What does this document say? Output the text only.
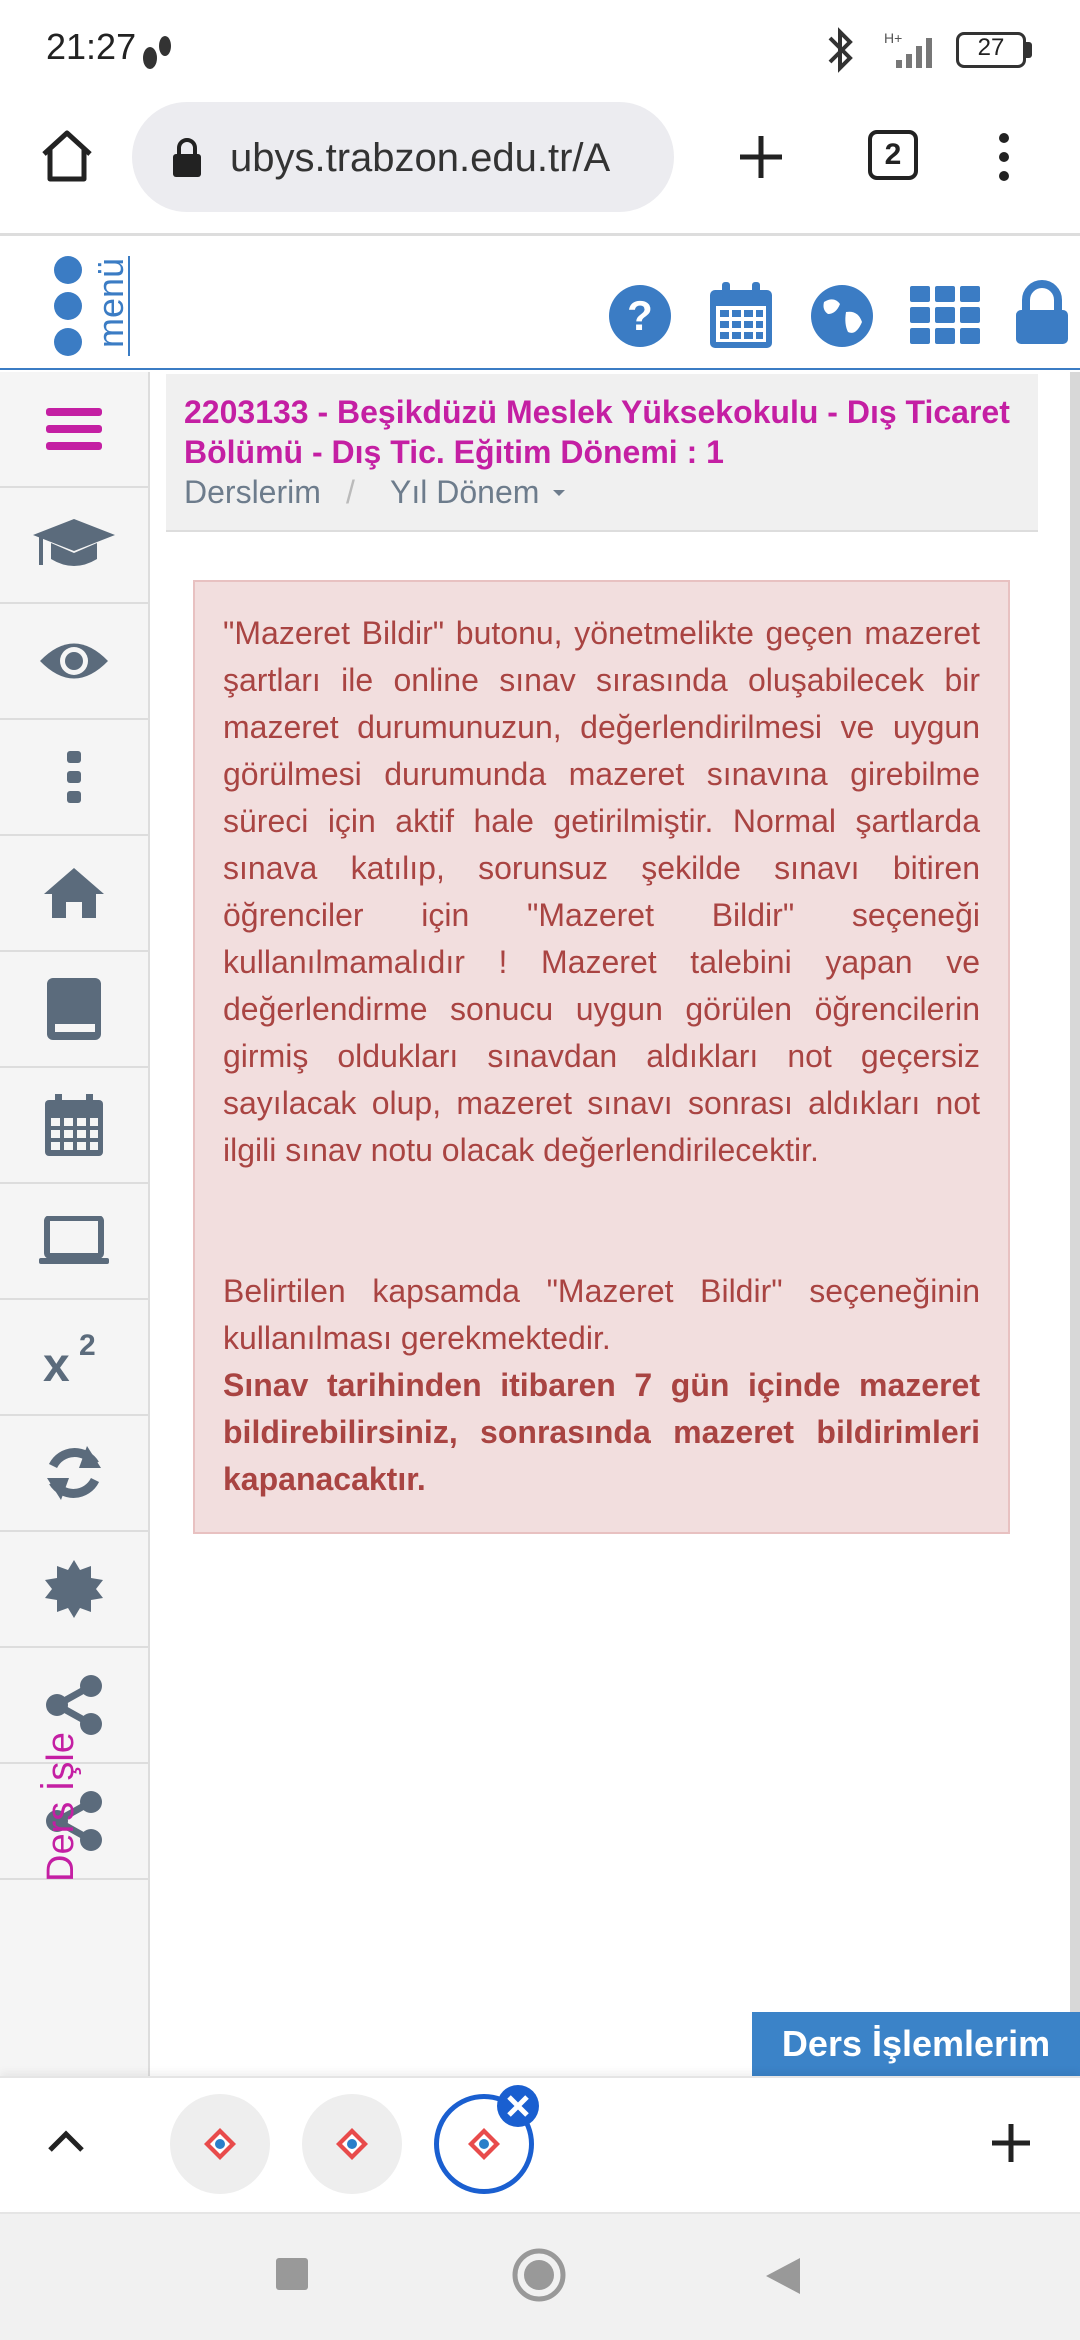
21:27	H+	27
ubys.trabzon.edu.tr/A	2
menü	?
x 2
Ders İşle
2203133 - Beşikdüzü Meslek Yüksekokulu - Dış Ticaret Bölümü - Dış Tic. Eğitim Dönemi : 1
Derslerim / Yıl Dönem
"Mazeret Bildir" butonu, yönetmelikte geçen mazeret şartları ile online sınav sırasında oluşabilecek bir mazeret durumunuzun, değerlendirilmesi ve uygun görülmesi durumunda mazeret sınavına girebilme süreci için aktif hale getirilmiştir. Normal şartlarda sınava katılıp, sorunsuz şekilde sınavı bitiren öğrenciler için "Mazeret Bildir" seçeneği kullanılmamalıdır ! Mazeret talebini yapan ve değerlendirme sonucu uygun görülen öğrencilerin girmiş oldukları sınavdan aldıkları not geçersiz sayılacak olup, mazeret sınavı sonrası aldıkları not ilgili sınav notu olacak değerlendirilecektir.
Belirtilen kapsamda "Mazeret Bildir" seçeneğinin kullanılması gerekmektedir.
Sınav tarihinden itibaren 7 gün içinde mazeret bildirebilirsiniz, sonrasında mazeret bildirimleri kapanacaktır.
Ders İşlemlerim
